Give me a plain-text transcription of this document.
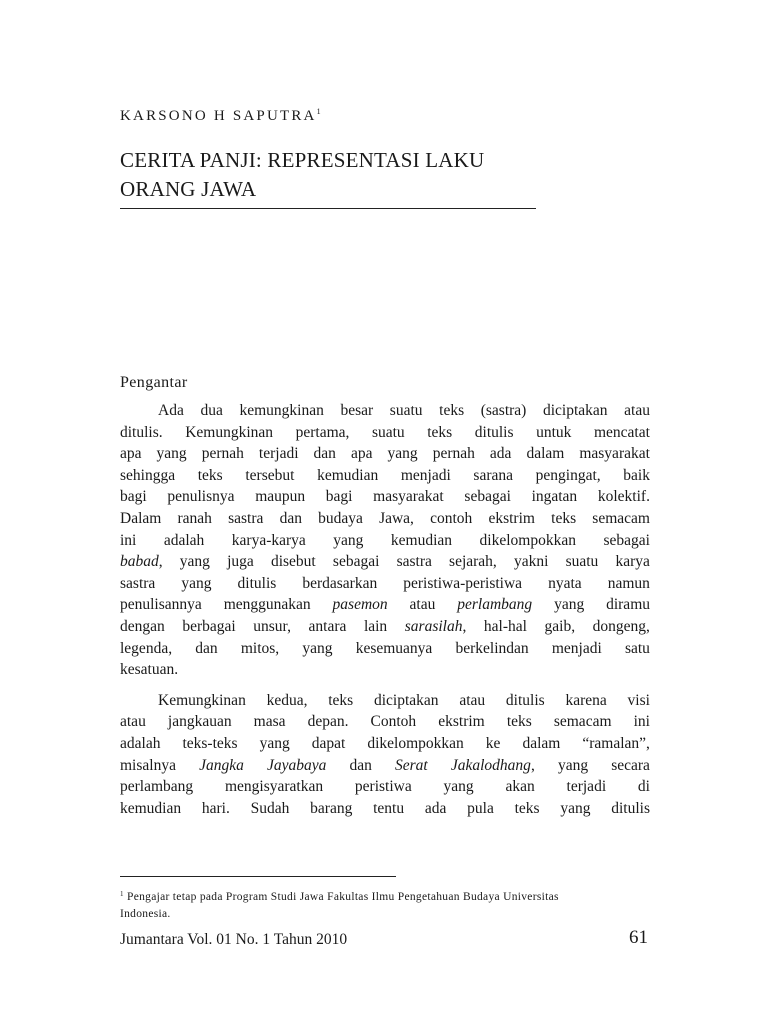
KARSONO H SAPUTRA$^1$

CERITA PANJI: REPRESENTASI LAKU
ORANG JAWA
Pengantar
Ada dua kemungkinan besar suatu teks (sastra) diciptakan atau
ditulis. Kemungkinan pertama, suatu teks ditulis untuk mencatat
apa yang pernah terjadi dan apa yang pernah ada dalam masyarakat
sehingga teks tersebut kemudian menjadi sarana pengingat, baik
bagi penulisnya maupun bagi masyarakat sebagai ingatan kolektif.
Dalam ranah sastra dan budaya Jawa, contoh ekstrim teks semacam
ini adalah karya-karya yang kemudian dikelompokkan sebagai
babad, yang juga disebut sebagai sastra sejarah, yakni suatu karya
sastra yang ditulis berdasarkan peristiwa-peristiwa nyata namun
penulisannya menggunakan pasemon atau perlambang yang diramu
dengan berbagai unsur, antara lain sarasilah, hal-hal gaib, dongeng,
legenda, dan mitos, yang kesemuanya berkelindan menjadi satu
kesatuan.
Kemungkinan kedua, teks diciptakan atau ditulis karena visi
atau jangkauan masa depan. Contoh ekstrim teks semacam ini
adalah teks-teks yang dapat dikelompokkan ke dalam “ramalan”,
misalnya Jangka Jayabaya dan Serat Jakalodhang, yang secara
perlambang mengisyaratkan peristiwa yang akan terjadi di
kemudian hari. Sudah barang tentu ada pula teks yang ditulis
$^1$ Pengajar tetap pada Program Studi Jawa Fakultas Ilmu Pengetahuan Budaya Universitas
Indonesia.

Jumantara Vol. 01 No. 1 Tahun 2010	61
